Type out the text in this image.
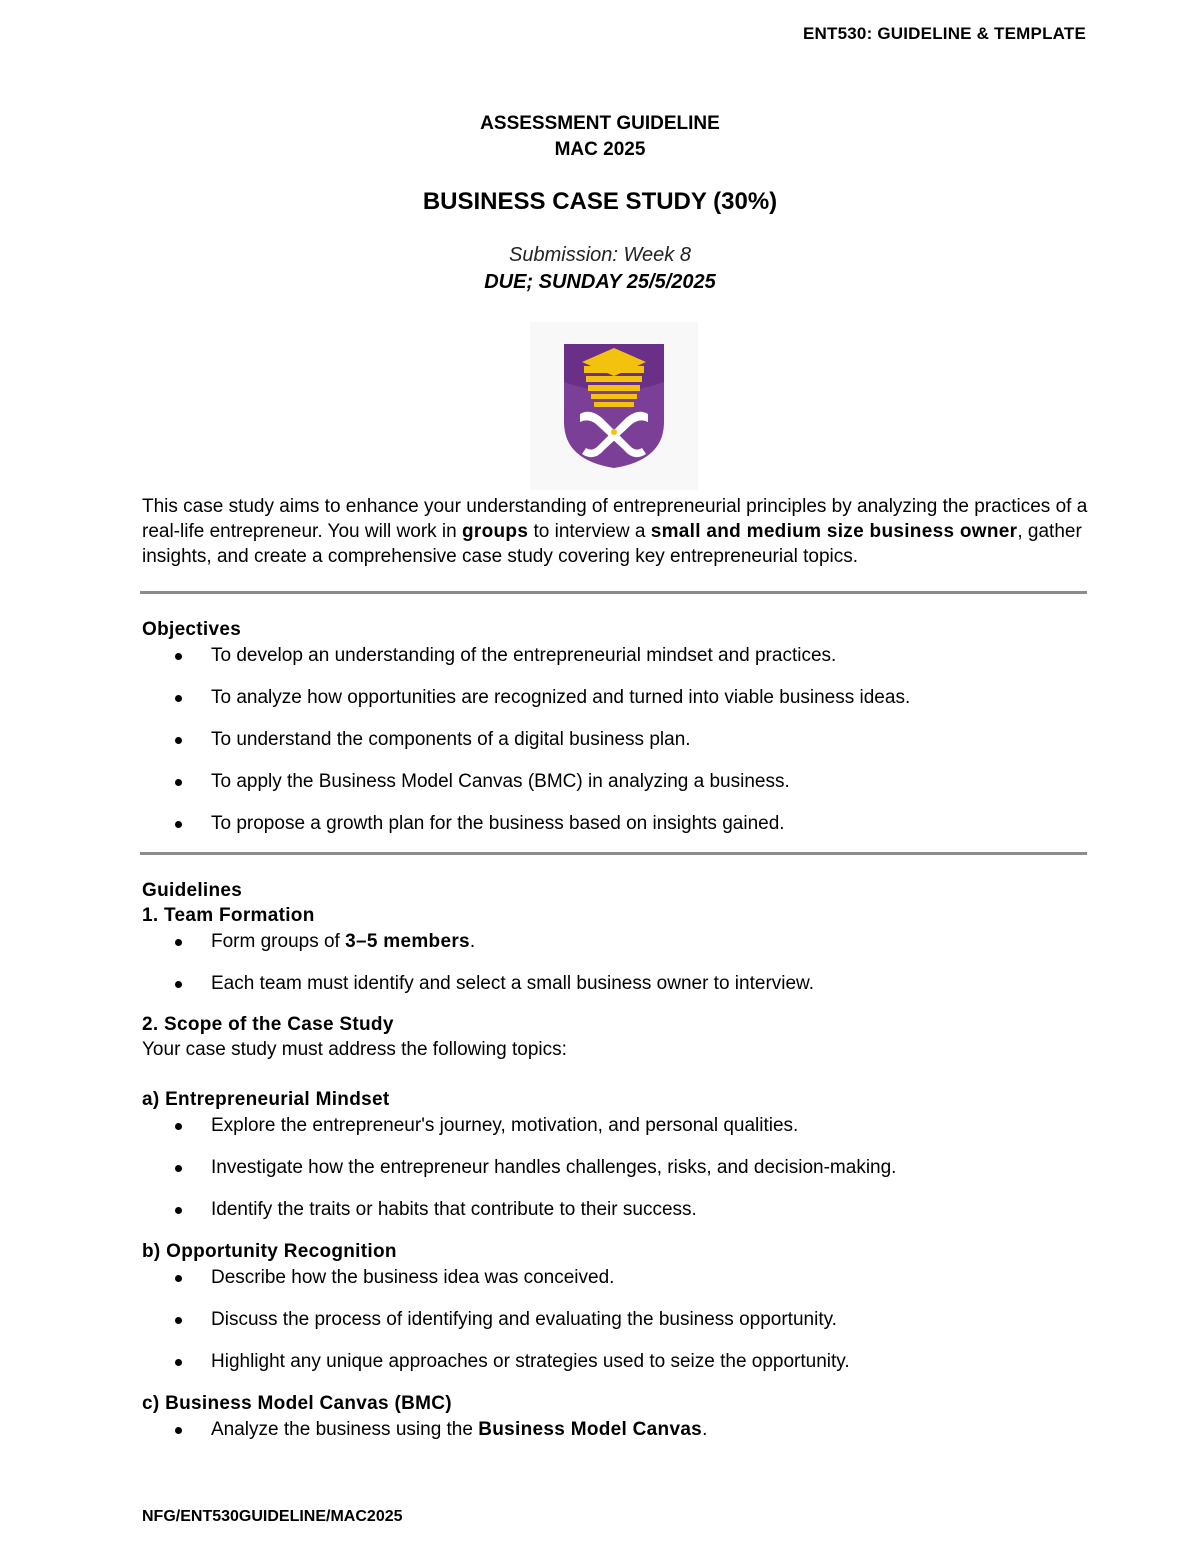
ENT530: GUIDELINE & TEMPLATE
ASSESSMENT GUIDELINE
MAC 2025
BUSINESS CASE STUDY (30%)
Submission: Week 8
DUE; SUNDAY 25/5/2025
This case study aims to enhance your understanding of entrepreneurial principles by analyzing the practices of a real-life entrepreneur. You will work in groups to interview a small and medium size business owner, gather insights, and create a comprehensive case study covering key entrepreneurial topics.
Objectives
To develop an understanding of the entrepreneurial mindset and practices.
To analyze how opportunities are recognized and turned into viable business ideas.
To understand the components of a digital business plan.
To apply the Business Model Canvas (BMC) in analyzing a business.
To propose a growth plan for the business based on insights gained.
Guidelines
1. Team Formation
Form groups of 3–5 members.
Each team must identify and select a small business owner to interview.
2. Scope of the Case Study
Your case study must address the following topics:
a) Entrepreneurial Mindset
Explore the entrepreneur's journey, motivation, and personal qualities.
Investigate how the entrepreneur handles challenges, risks, and decision-making.
Identify the traits or habits that contribute to their success.
b) Opportunity Recognition
Describe how the business idea was conceived.
Discuss the process of identifying and evaluating the business opportunity.
Highlight any unique approaches or strategies used to seize the opportunity.
c) Business Model Canvas (BMC)
Analyze the business using the Business Model Canvas.
NFG/ENT530GUIDELINE/MAC2025
